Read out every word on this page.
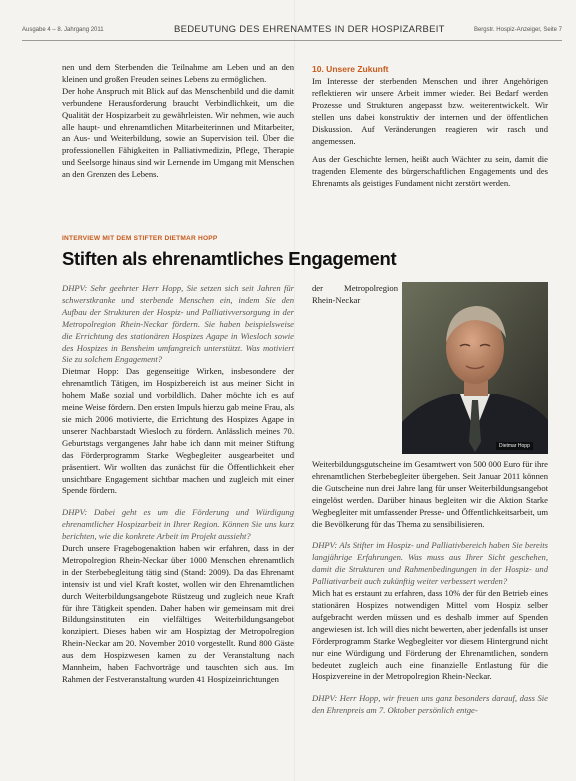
Ausgabe 4 – 8. Jahrgang 2011	BEDEUTUNG DES EHRENAMTES IN DER HOSPIZARBEIT	Bergstr. Hospiz-Anzeiger, Seite 7

nen und dem Sterbenden die Teilnahme am Leben und an den kleinen und großen Freuden seines Lebens zu ermöglichen.

Der hohe Anspruch mit Blick auf das Menschenbild und die damit verbundene Herausforderung braucht Verbindlichkeit, um die Qualität der Hospizarbeit zu gewährleisten. Wir nehmen, wie auch alle haupt- und ehrenamtlichen Mitarbeiterinnen und Mitarbeiter, an Aus- und Weiterbildung, sowie an Supervision teil. Über die professionellen Fähigkeiten in Palliativmedizin, Pflege, Therapie und Seelsorge hinaus sind wir Lernende im Umgang mit Menschen an den Grenzen des Lebens.

10. Unsere Zukunft

Im Interesse der sterbenden Menschen und ihrer Angehörigen reflektieren wir unsere Arbeit immer wieder. Bei Bedarf werden Prozesse und Strukturen angepasst bzw. weiterentwickelt. Wir stellen uns dabei konstruktiv der internen und der öffentlichen Diskussion. Auf Veränderungen reagieren wir rasch und angemessen.

Aus der Geschichte lernen, heißt auch Wächter zu sein, damit die tragenden Elemente des bürgerschaftlichen Engagements und des Ehrenamts als geistiges Fundament nicht zerstört werden.

INTERVIEW MIT DEM STIFTER DIETMAR HOPP
Stiften als ehrenamtliches Engagement

DHPV: Sehr geehrter Herr Hopp, Sie setzen sich seit Jahren für schwerstkranke und sterbende Menschen ein, indem Sie den Aufbau der Strukturen der Hospiz- und Palliativversorgung in der Metropolregion Rhein-Neckar fördern. Sie haben beispielsweise die Errichtung des stationären Hospizes Agape in Wiesloch sowie des Hospizes in Bensheim umfangreich unterstützt. Was motiviert Sie zu solchem Engagement?

Dietmar Hopp: Das gegenseitige Wirken, insbesondere der ehrenamtlich Tätigen, im Hospizbereich ist aus meiner Sicht in hohem Maße sozial und vorbildlich. Daher möchte ich es auf meine Weise fördern. Den ersten Impuls hierzu gab meine Frau, als sie mich 2006 motivierte, die Errichtung des Hospizes Agape in unserer Nachbarstadt Wiesloch zu fördern. Anlässlich meines 70. Geburtstags vergangenes Jahr habe ich dann mit meiner Stiftung das Förderprogramm Starke Wegbegleiter ausgearbeitet und präsentiert. Wir wollten das zunächst für die Öffentlichkeit eher unsichtbare Engagement sichtbar machen und zugleich mit einer Spende fördern.

DHPV: Dabei geht es um die Förderung und Würdigung ehrenamtlicher Hospizarbeit in Ihrer Region. Können Sie uns kurz berichten, wie die konkrete Arbeit im Projekt aussieht?

Durch unsere Fragebogenaktion haben wir erfahren, dass in der Metropolregion Rhein-Neckar über 1000 Menschen ehrenamtlich in der Sterbebegleitung tätig sind (Stand: 2009). Da das Ehrenamt intensiv ist und viel Kraft kostet, wollen wir den Ehrenamtlichen durch Weiterbildungsangebote Rüstzeug und zugleich neue Kraft für ihre Tätigkeit spenden. Daher haben wir gemeinsam mit drei Bildungsinstituten ein vielfältiges Weiterbildungsangebot konzipiert. Dieses haben wir am Hospiztag der Metropolregion Rhein-Neckar am 20. November 2010 vorgestellt. Rund 800 Gäste aus dem Hospizwesen kamen zu der Veranstaltung nach Mannheim, haben Fachvorträge und tauschten sich aus. Im Rahmen der Festveranstaltung wurden 41 Hospizeinrichtungen

der Metropolregion Rhein-Neckar Weiterbildungsgutscheine im Gesamtwert von 500 000 Euro für ihre ehrenamtlichen Sterbebegleiter übergeben. Seit Januar 2011 können die Gutscheine nun drei Jahre lang für unser Weiterbildungsangebot eingelöst werden. Darüber hinaus begleiten wir die Aktion Starke Wegbegleiter mit umfassender Presse- und Öffentlichkeitsarbeit, um die Bevölkerung für das Thema zu sensibilisieren.

DHPV: Als Stifter im Hospiz- und Palliativbereich haben Sie bereits langjährige Erfahrungen. Was muss aus Ihrer Sicht geschehen, damit die Strukturen und Rahmenbedingungen in der Hospiz- und Palliativarbeit auch zukünftig weiter verbessert werden?

Mich hat es erstaunt zu erfahren, dass 10% der für den Betrieb eines stationären Hospizes notwendigen Mittel vom Hospiz selber aufgebracht werden müssen und es deshalb immer auf Spenden angewiesen ist. Ich will dies nicht bewerten, aber jedenfalls ist unser Förderprogramm Starke Wegbegleiter vor diesem Hintergrund nicht nur eine Würdigung und Förderung der Ehrenamtlichen, sondern bedeutet zugleich auch eine finanzielle Entlastung für die Hospizvereine in der Metropolregion Rhein-Neckar.

DHPV: Herr Hopp, wir freuen uns ganz besonders darauf, dass Sie den Ehrenpreis am 7. Oktober persönlich entge-

Dietmar Hopp
